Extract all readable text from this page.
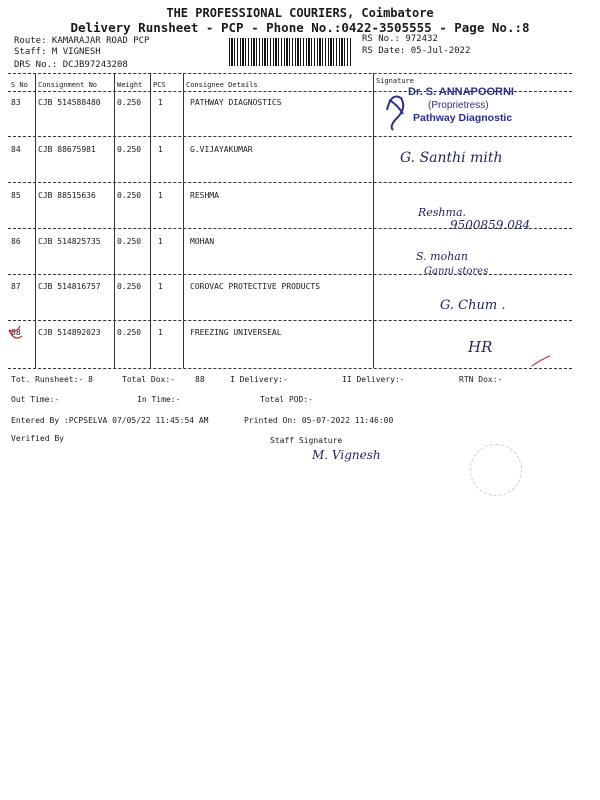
THE PROFESSIONAL COURIERS, Coimbatore
Delivery Runsheet - PCP - Phone No.:0422-3505555 - Page No.:8
Route: KAMARAJAR ROAD PCP
Staff: M VIGNESH
DRS No.: DCJB97243208
RS No.: 972432
RS Date: 05-Jul-2022
S No Consignment No	Weight PCS	Consignee Details	Signature
83 CJB 514588480 0.250 1	PATHWAY DIAGNOSTICS
84 CJB 88675981	0.250 1	G.VIJAYAKUMAR
85 CJB 88515636	0.250 1	RESHMA
86 CJB 514825735 0.250 1	MOHAN
87 CJB 514816757 0.250 1	COROVAC PROTECTIVE PRODUCTS
88 CJB 514892023 0.250 1	FREEZING UNIVERSEAL
Dr. S. ANNAPOORNI
(Proprietress)
Pathway Diagnostic
G. Santhi mith
Reshma.
9500859.084
S. mohan
Ganni stores
G. Chum .
HR
Tot. Runsheet:- 8	Total Dox:-	88	I Delivery:-	II Delivery:-	RTN Dox:-
Out Time:-	In Time:-	Total POD:-
Entered By :PCPSELVA 07/05/22 11:45:54 AM	Printed On: 05-07-2022 11:46:00
Verified By	Staff Signature
M. Vignesh
